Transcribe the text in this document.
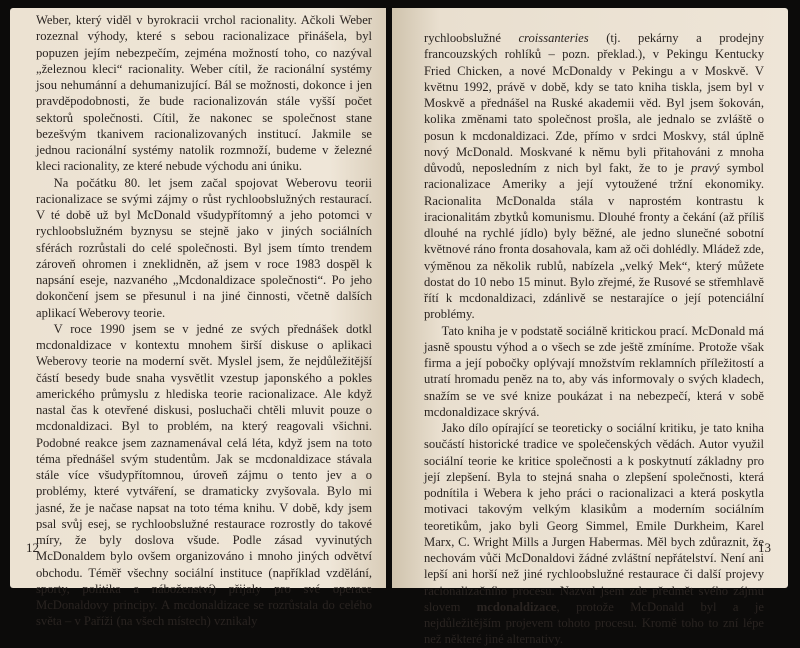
Weber, který viděl v byrokracii vrchol racionality. Ačkoli Weber rozeznal výhody, které s sebou racionalizace přinášela, byl popuzen jejím nebezpečím, zejména možností toho, co nazýval „železnou kleci“ racionality. Weber cítil, že racionální systémy jsou nehumánní a dehumanizující. Bál se možnosti, dokonce i jen pravděpodobnosti, že bude racionalizován stále vyšší počet sektorů společnosti. Cítil, že nakonec se společnost stane bezešvým tkanivem racionalizovaných institucí. Jakmile se jednou racionální systémy natolik rozmnoží, budeme v železné kleci racionality, ze které nebude východu ani úniku.

Na počátku 80. let jsem začal spojovat Weberovu teorii racionalizace se svými zájmy o růst rychloobslužných restaurací. V té době už byl McDonald všudypřítomný a jeho potomci v rychloobslužném byznysu se stejně jako v jiných sociálních sférách rozrůstali do celé společnosti. Byl jsem tímto trendem zároveň ohromen i zneklidněn, až jsem v roce 1983 dospěl k napsání eseje, nazvaného „Mcdonaldizace společnosti“. Po jeho dokončení jsem se přesunul i na jiné činnosti, včetně dalších aplikací Weberovy teorie.

V roce 1990 jsem se v jedné ze svých přednášek dotkl mcdonaldizace v kontextu mnohem širší diskuse o aplikaci Weberovy teorie na moderní svět. Myslel jsem, že nejdůležitější částí besedy bude snaha vysvětlit vzestup japonského a pokles amerického průmyslu z hlediska teorie racionalizace. Ale když nastal čas k otevřené diskusi, posluchači chtěli mluvit pouze o mcdonaldizaci. Byl to problém, na který reagovali všichni. Podobné reakce jsem zaznamenával celá léta, když jsem na toto téma přednášel svým studentům. Jak se mcdonaldizace stávala stále více všudypřítomnou, úroveň zájmu o tento jev a o problémy, které vytváření, se dramaticky zvyšovala. Bylo mi jasné, že je načase napsat na toto téma knihu. V době, kdy jsem psal svůj esej, se rychloobslužné restaurace rozrostly do takové míry, že byly doslova všude. Podle zásad vyvinutých McDonaldem bylo ovšem organizováno i mnoho jiných odvětví obchodu. Téměř všechny sociální instituce (například vzdělání, sporty, politika a náboženství) přijaly pro své operace McDonaldovy principy. A mcdonaldizace se rozrůstala do celého světa – v Paříži (na všech místech) vznikaly

12

rychloobslužné croissanteries (tj. pekárny a prodejny francouzských rohlíků – pozn. překlad.), v Pekingu Kentucky Fried Chicken, a nové McDonaldy v Pekingu a v Moskvě. V květnu 1992, právě v době, kdy se tato kniha tiskla, jsem byl v Moskvě a přednášel na Ruské akademii věd. Byl jsem šokován, kolika změnami tato společnost prošla, ale jednalo se zvláště o posun k mcdonaldizaci. Zde, přímo v srdci Moskvy, stál úplně nový McDonald. Moskvané k němu byli přitahováni z mnoha důvodů, neposledním z nich byl fakt, že to je pravý symbol racionalizace Ameriky a její vytoužené tržní ekonomiky. Racionalita McDonalda stála v naprostém kontrastu k iracionalitám zbytků komunismu. Dlouhé fronty a čekání (až příliš dlouhé na rychlé jídlo) byly běžné, ale jedno slunečné sobotní květnové ráno fronta dosahovala, kam až oči dohlédly. Mládež zde, výměnou za několik rublů, nabízela „velký Mek“, který můžete dostat do 10 nebo 15 minut. Bylo zřejmé, že Rusové se střemhlavě řítí k mcdonaldizaci, zdánlivě se nestarajíce o její potenciální problémy.

Tato kniha je v podstatě sociálně kritickou prací. McDonald má jasně spoustu výhod a o všech se zde ještě zmíníme. Protože však firma a její pobočky oplývají množstvím reklamních příležitostí a utratí hromadu peněz na to, aby vás informovaly o svých kladech, snažím se ve své knize poukázat i na nebezpečí, která v sobě mcdonaldizace skrývá.

Jako dílo opírající se teoreticky o sociální kritiku, je tato kniha součástí historické tradice ve společenských vědách. Autor využil sociální teorie ke kritice společnosti a k poskytnutí základny pro její zlepšení. Byla to stejná snaha o zlepšení společnosti, která podnítila i Webera k jeho práci o racionalizaci a která poskytla motivaci takovým velkým klasikům a moderním sociálním teoretikům, jako byli Georg Simmel, Emile Durkheim, Karel Marx, C. Wright Mills a Jurgen Habermas. Měl bych zdůraznit, že nechovám vůči McDonaldovi žádné zvláštní nepřátelství. Není ani lepší ani horší než jiné rychloobslužné restaurace či další projevy racionalizačního procesu. Nazval jsem zde předmět svého zájmu slovem mcdonaldizace, protože McDonald byl a je nejdůležitějším projevem tohoto procesu. Kromě toho to zní lépe než některé jiné alternativy.

13
